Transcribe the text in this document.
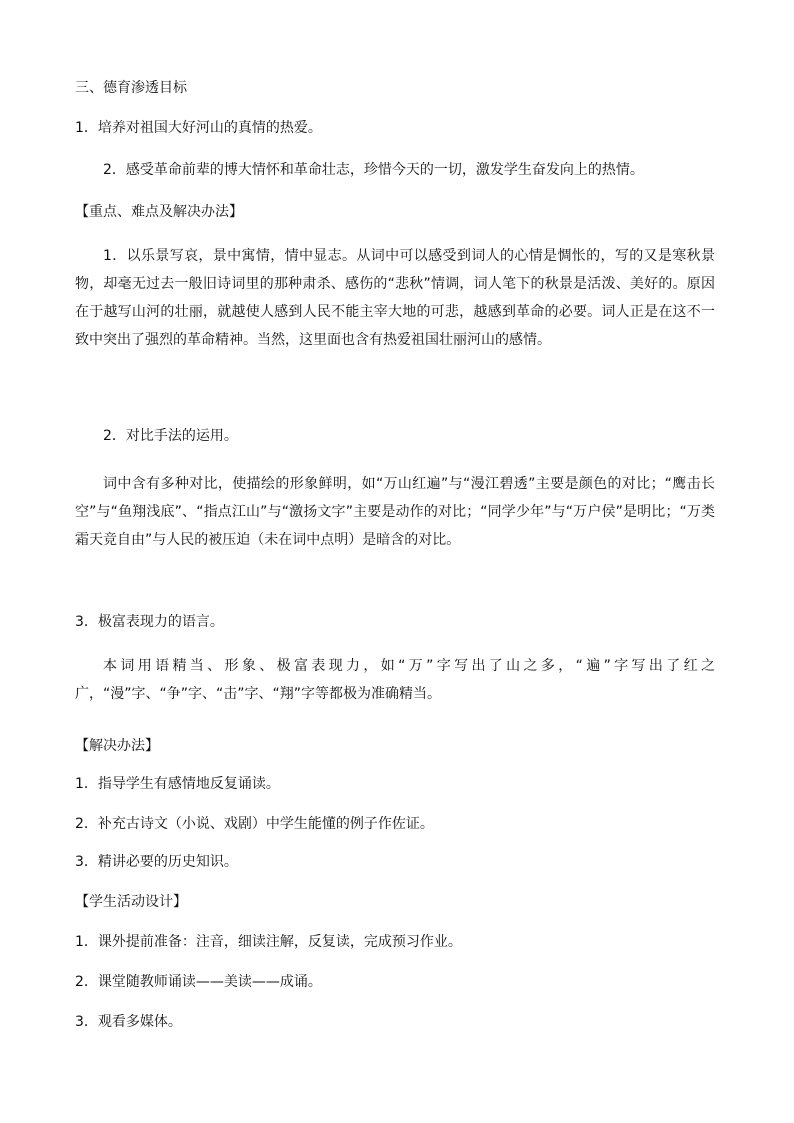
三、德育渗透目标
1．培养对祖国大好河山的真情的热爱。
2．感受革命前辈的博大情怀和革命壮志，珍惜今天的一切，激发学生奋发向上的热情。
【重点、难点及解决办法】
1．以乐景写哀，景中寓情，情中显志。从词中可以感受到词人的心情是惆怅的，写的又是寒秋景物，却毫无过去一般旧诗词里的那种肃杀、感伤的“悲秋”情调，词人笔下的秋景是活泼、美好的。原因在于越写山河的壮丽，就越使人感到人民不能主宰大地的可悲，越感到革命的必要。词人正是在这不一致中突出了强烈的革命精神。当然，这里面也含有热爱祖国壮丽河山的感情。
2．对比手法的运用。
词中含有多种对比，使描绘的形象鲜明，如“万山红遍”与“漫江碧透”主要是颜色的对比；“鹰击长空”与“鱼翔浅底”、“指点江山”与“激扬文字”主要是动作的对比；“同学少年”与“万户侯”是明比；“万类霜天竞自由”与人民的被压迫（未在词中点明）是暗含的对比。
3．极富表现力的语言。
本词用语精当、形象、极富表现力，如“万”字写出了山之多，“遍”字写出了红之广，“漫”字、“争”字、“击”字、“翔”字等都极为准确精当。
【解决办法】
1．指导学生有感情地反复诵读。
2．补充古诗文（小说、戏剧）中学生能懂的例子作佐证。
3．精讲必要的历史知识。
【学生活动设计】
1．课外提前准备：注音，细读注解，反复读，完成预习作业。
2．课堂随教师诵读——美读——成诵。
3．观看多媒体。
